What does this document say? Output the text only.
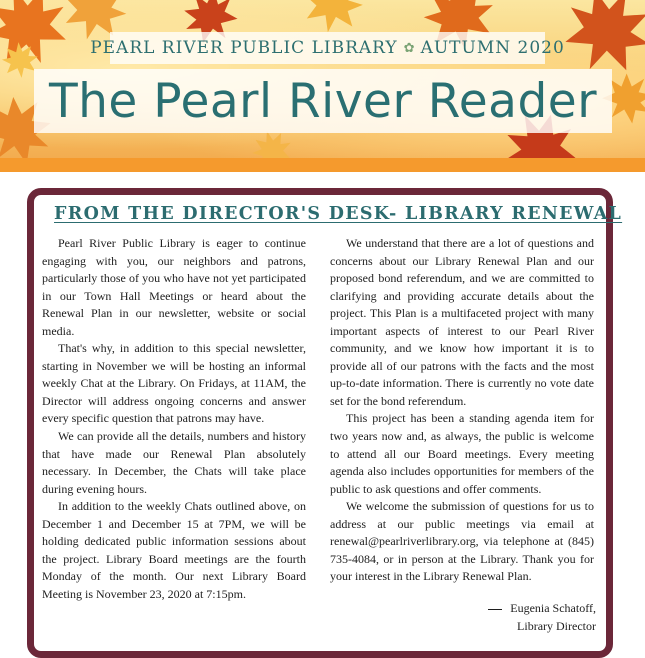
PEARL RIVER PUBLIC LIBRARY ✿ AUTUMN 2020
The Pearl River Reader
FROM THE DIRECTOR'S DESK- LIBRARY RENEWAL

Pearl River Public Library is eager to continue engaging with you, our neighbors and patrons, particularly those of you who have not yet participated in our Town Hall Meetings or heard about the Renewal Plan in our newsletter, website or social media.

That's why, in addition to this special newsletter, starting in November we will be hosting an informal weekly Chat at the Library. On Fridays, at 11AM, the Director will address ongoing concerns and answer every specific question that patrons may have.

We can provide all the details, numbers and history that have made our Renewal Plan absolutely necessary. In December, the Chats will take place during evening hours.

In addition to the weekly Chats outlined above, on December 1 and December 15 at 7PM, we will be holding dedicated public information sessions about the project. Library Board meetings are the fourth Monday of the month. Our next Library Board Meeting is November 23, 2020 at 7:15pm.

We understand that there are a lot of questions and concerns about our Library Renewal Plan and our proposed bond referendum, and we are committed to clarifying and providing accurate details about the project. This Plan is a multifaceted project with many important aspects of interest to our Pearl River community, and we know how important it is to provide all of our patrons with the facts and the most up-to-date information. There is currently no vote date set for the bond referendum.

This project has been a standing agenda item for two years now and, as always, the public is welcome to attend all our Board meetings. Every meeting agenda also includes opportunities for members of the public to ask questions and offer comments.

We welcome the submission of questions for us to address at our public meetings via email at renewal@pearlriverlibrary.org, via telephone at (845) 735-4084, or in person at the Library. Thank you for your interest in the Library Renewal Plan.

Eugenia Schatoff,
Library Director
